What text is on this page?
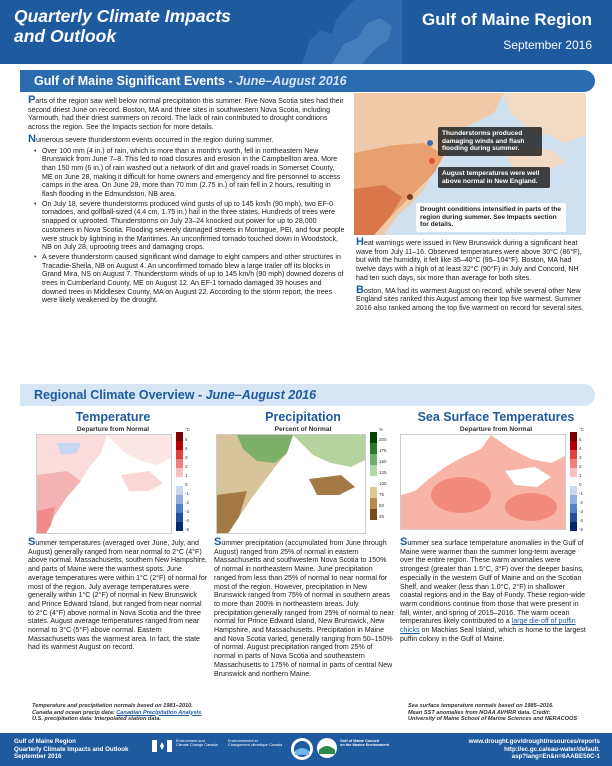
Quarterly Climate Impacts
and Outlook
Gulf of Maine Region
September 2016
Gulf of Maine Significant Events - June–August 2016

Parts of the region saw well below normal precipitation this summer. Five Nova Scotia sites had their second driest June on record. Boston, MA and three sites in southwestern Nova Scotia, including Yarmouth, had their driest summers on record. The lack of rain contributed to drought conditions across the region. See the Impacts section for more details.

Numerous severe thunderstorm events occurred in the region during summer.

• Over 100 mm (4 in.) of rain, which is more than a month's worth, fell in northeastern New Brunswick from June 7–8. This led to road closures and erosion in the Campbellton area. More than 150 mm (6 in.) of rain washed out a network of dirt and gravel roads in Somerset County, ME on June 28, making it difficult for home owners and emergency and fire personnel to access camps in the area. On June 29, more than 70 mm (2.75 in.) of rain fell in 2 hours, resulting in flash flooding in the Edmundston, NB area.
• On July 18, severe thunderstorms produced wind gusts of up to 145 km/h (90 mph), two EF-0 tornadoes, and golfball-sized (4.4 cm, 1.75 in.) hail in the three states. Hundreds of trees were snapped or uprooted. Thunderstorms on July 23–24 knocked out power for up to 28,000 customers in Nova Scotia. Flooding severely damaged streets in Montague, PEI, and four people were struck by lightning in the Maritimes. An unconfirmed tornado touched down in Woodstock, NB on July 28, uprooting trees and damaging crops.
• A severe thunderstorm caused significant wind damage to eight campers and other structures in Tracadie-Sheila, NB on August 4. An unconfirmed tornado blew a large trailer off its blocks in Grand Mira, NS on August 7. Thunderstorm winds of up to 145 km/h (90 mph) downed dozens of trees in Cumberland County, ME on August 12. An EF-1 tornado damaged 39 houses and downed trees in Middlesex County, MA on August 22. According to the storm report, the trees were likely weakened by the drought.
Thunderstorms produced damaging winds and flash flooding during summer.
August temperatures were well above normal in New England.
Drought conditions intensified in parts of the region during summer. See Impacts section for details.

Heat warnings were issued in New Brunswick during a significant heat wave from July 11–16. Observed temperatures were above 30°C (86°F), but with the humidity, it felt like 35–40°C (95–104°F). Boston, MA had twelve days with a high of at least 32°C (90°F) in July and Concord, NH had ten such days, six more than average for both sites.

Boston, MA had its warmest August on record, while several other New England sites ranked this August among their top five warmest. Summer 2016 also ranked among the top five warmest on record for several sites.

Regional Climate Overview - June–August 2016
Temperature
Departure from Normal	°C
5
4
3
2
1
0
-1
-2
-3
-4
-5

Summer temperatures (averaged over June, July, and August) generally ranged from near normal to 2°C (4°F) above normal. Massachusetts, southern New Hampshire, and parts of Maine were the warmest spots. June average temperatures were within 1°C (2°F) of normal for most of the region. July average temperatures were generally within 1°C (2°F) of normal in New Brunswick and Prince Edward Island, but ranged from near normal to 2°C (4°F) above normal in Nova Scotia and the three states. August average temperatures ranged from near normal to 3°C (5°F) above normal. Eastern Massachusetts was the warmest area. In fact, the state had its warmest August on record.

Precipitation
Percent of Normal	%
200
175
150
125
100
75
50
25

Summer precipitation (accumulated from June through August) ranged from 25% of normal in eastern Massachusetts and southwestern Nova Scotia to 150% of normal in northeastern Maine. June precipitation ranged from less than 25% of normal to near normal for most of the region. However, precipitation in New Brunswick ranged from 75% of normal in southern areas to more than 200% in northeastern areas. July precipitation generally ranged from 25% of normal to near normal for Prince Edward Island, New Brunswick, New Hampshire, and Massachusetts. Precipitation in Maine and Nova Scotia varied, generally ranging from 50–150% of normal. August precipitation ranged from 25% of normal in parts of Nova Scotia and southeastern Massachusetts to 175% of normal in parts of central New Brunswick and northern Maine.

Sea Surface Temperatures
Departure from Normal	°C
5
4
3
2
1
0
-1
-2
-3
-4
-5

Summer sea surface temperature anomalies in the Gulf of Maine were warmer than the summer long-term average over the entire region. These warm anomalies were strongest (greater than 1.5°C, 3°F) over the deeper basins, especially in the western Gulf of Maine and on the Scotian Shelf, and weaker (less than 1.0°C, 2°F) in shallower coastal regions and in the Bay of Fundy. These region-wide warm conditions continue from those that were present in fall, winter, and spring of 2015–2016. The warm ocean temperatures likely contributed to a large die-off of puffin chicks on Machias Seal Island, which is home to the largest puffin colony in the Gulf of Maine.

Temperature and precipitation normals based on 1981–2010.
Canada and ocean precip data: Canadian Precipitation Analysis
U.S. precipitation data: Interpolated station data.
Sea surface temperature normals based on 1985–2016.
Mean SST anomalies from NOAA AVHRR data. Credit:
University of Maine School of Marine Sciences and NERACOOS
Gulf of Maine Region
Quarterly Climate Impacts and Outlook
September 2016
Environment and
Climate Change Canada
Environnement et
Changement climatique Canada
Gulf of Maine Council
on the Marine Environment
www.drought.gov/drought/resources/reports
http://ec.gc.ca/eau-water/default.
asp?lang=En&n=6AABE50C-1
